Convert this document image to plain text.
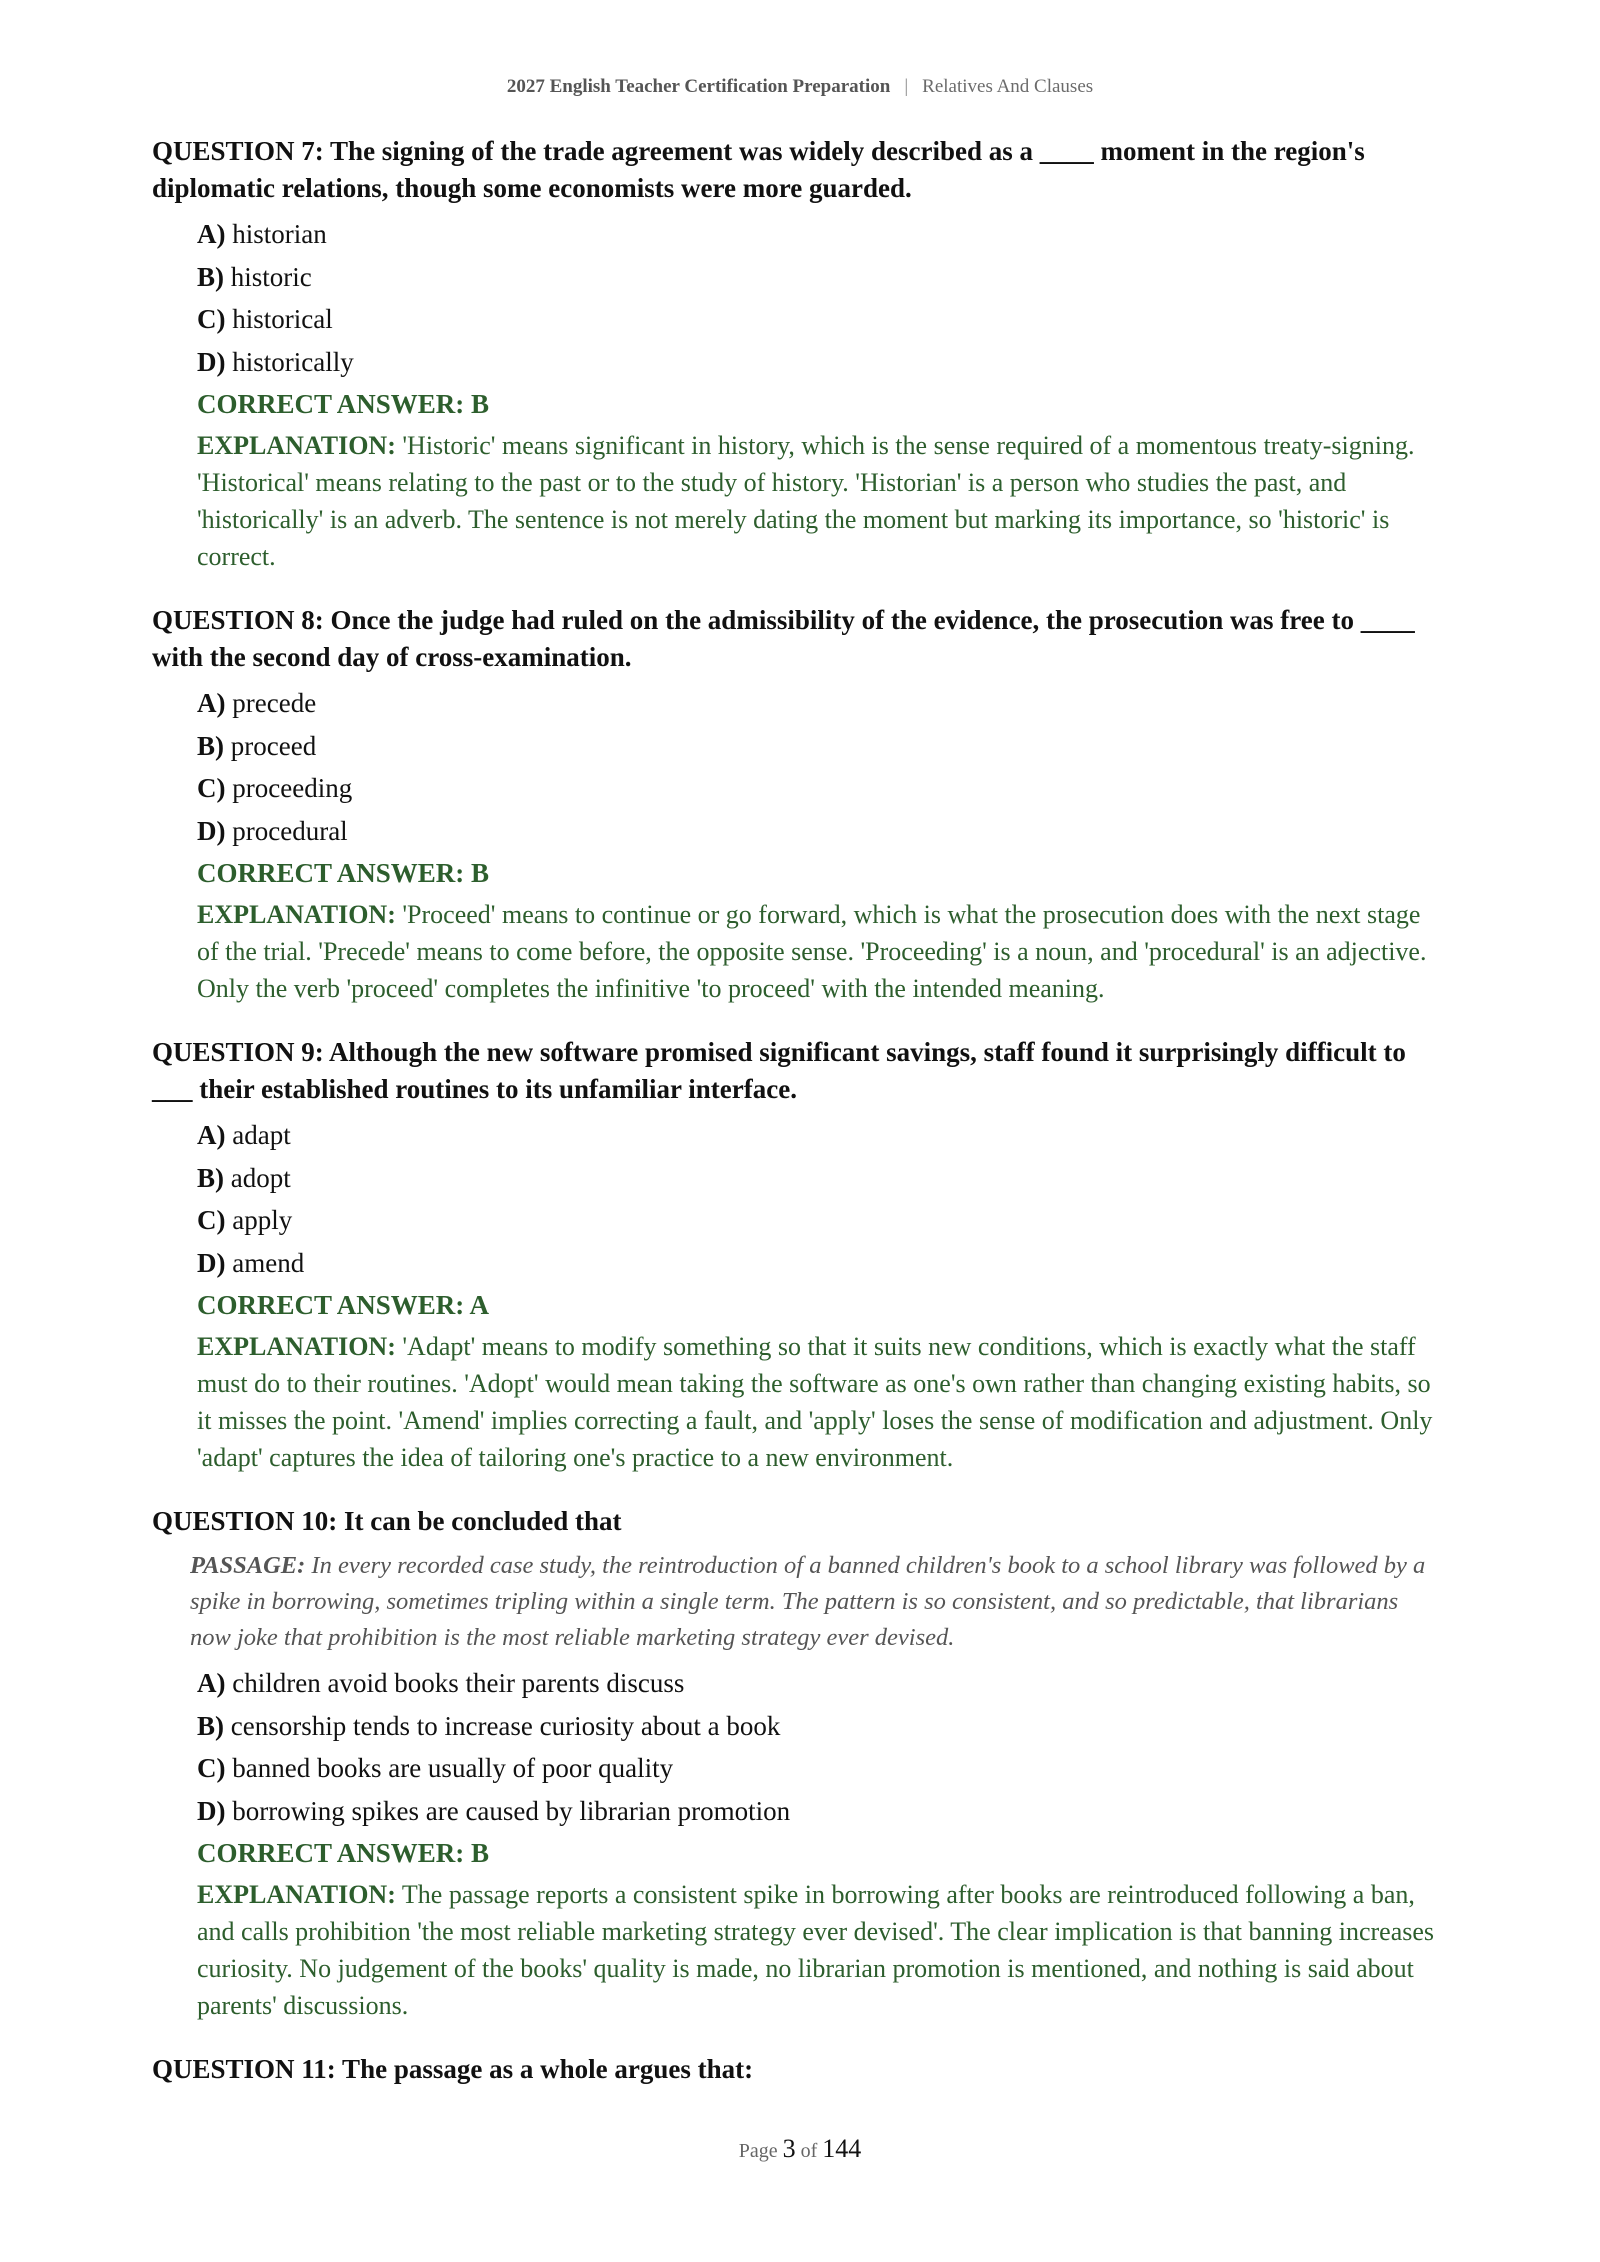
2027 English Teacher Certification Preparation | Relatives And Clauses
QUESTION 7: The signing of the trade agreement was widely described as a ____ moment in the region's diplomatic relations, though some economists were more guarded.
A) historian
B) historic
C) historical
D) historically
CORRECT ANSWER: B
EXPLANATION: 'Historic' means significant in history, which is the sense required of a momentous treaty-signing. 'Historical' means relating to the past or to the study of history. 'Historian' is a person who studies the past, and 'historically' is an adverb. The sentence is not merely dating the moment but marking its importance, so 'historic' is correct.
QUESTION 8: Once the judge had ruled on the admissibility of the evidence, the prosecution was free to ____ with the second day of cross-examination.
A) precede
B) proceed
C) proceeding
D) procedural
CORRECT ANSWER: B
EXPLANATION: 'Proceed' means to continue or go forward, which is what the prosecution does with the next stage of the trial. 'Precede' means to come before, the opposite sense. 'Proceeding' is a noun, and 'procedural' is an adjective. Only the verb 'proceed' completes the infinitive 'to proceed' with the intended meaning.
QUESTION 9: Although the new software promised significant savings, staff found it surprisingly difficult to ___ their established routines to its unfamiliar interface.
A) adapt
B) adopt
C) apply
D) amend
CORRECT ANSWER: A
EXPLANATION: 'Adapt' means to modify something so that it suits new conditions, which is exactly what the staff must do to their routines. 'Adopt' would mean taking the software as one's own rather than changing existing habits, so it misses the point. 'Amend' implies correcting a fault, and 'apply' loses the sense of modification and adjustment. Only 'adapt' captures the idea of tailoring one's practice to a new environment.
QUESTION 10: It can be concluded that
PASSAGE: In every recorded case study, the reintroduction of a banned children's book to a school library was followed by a spike in borrowing, sometimes tripling within a single term. The pattern is so consistent, and so predictable, that librarians now joke that prohibition is the most reliable marketing strategy ever devised.
A) children avoid books their parents discuss
B) censorship tends to increase curiosity about a book
C) banned books are usually of poor quality
D) borrowing spikes are caused by librarian promotion
CORRECT ANSWER: B
EXPLANATION: The passage reports a consistent spike in borrowing after books are reintroduced following a ban, and calls prohibition 'the most reliable marketing strategy ever devised'. The clear implication is that banning increases curiosity. No judgement of the books' quality is made, no librarian promotion is mentioned, and nothing is said about parents' discussions.
QUESTION 11: The passage as a whole argues that:
Page 3 of 144
